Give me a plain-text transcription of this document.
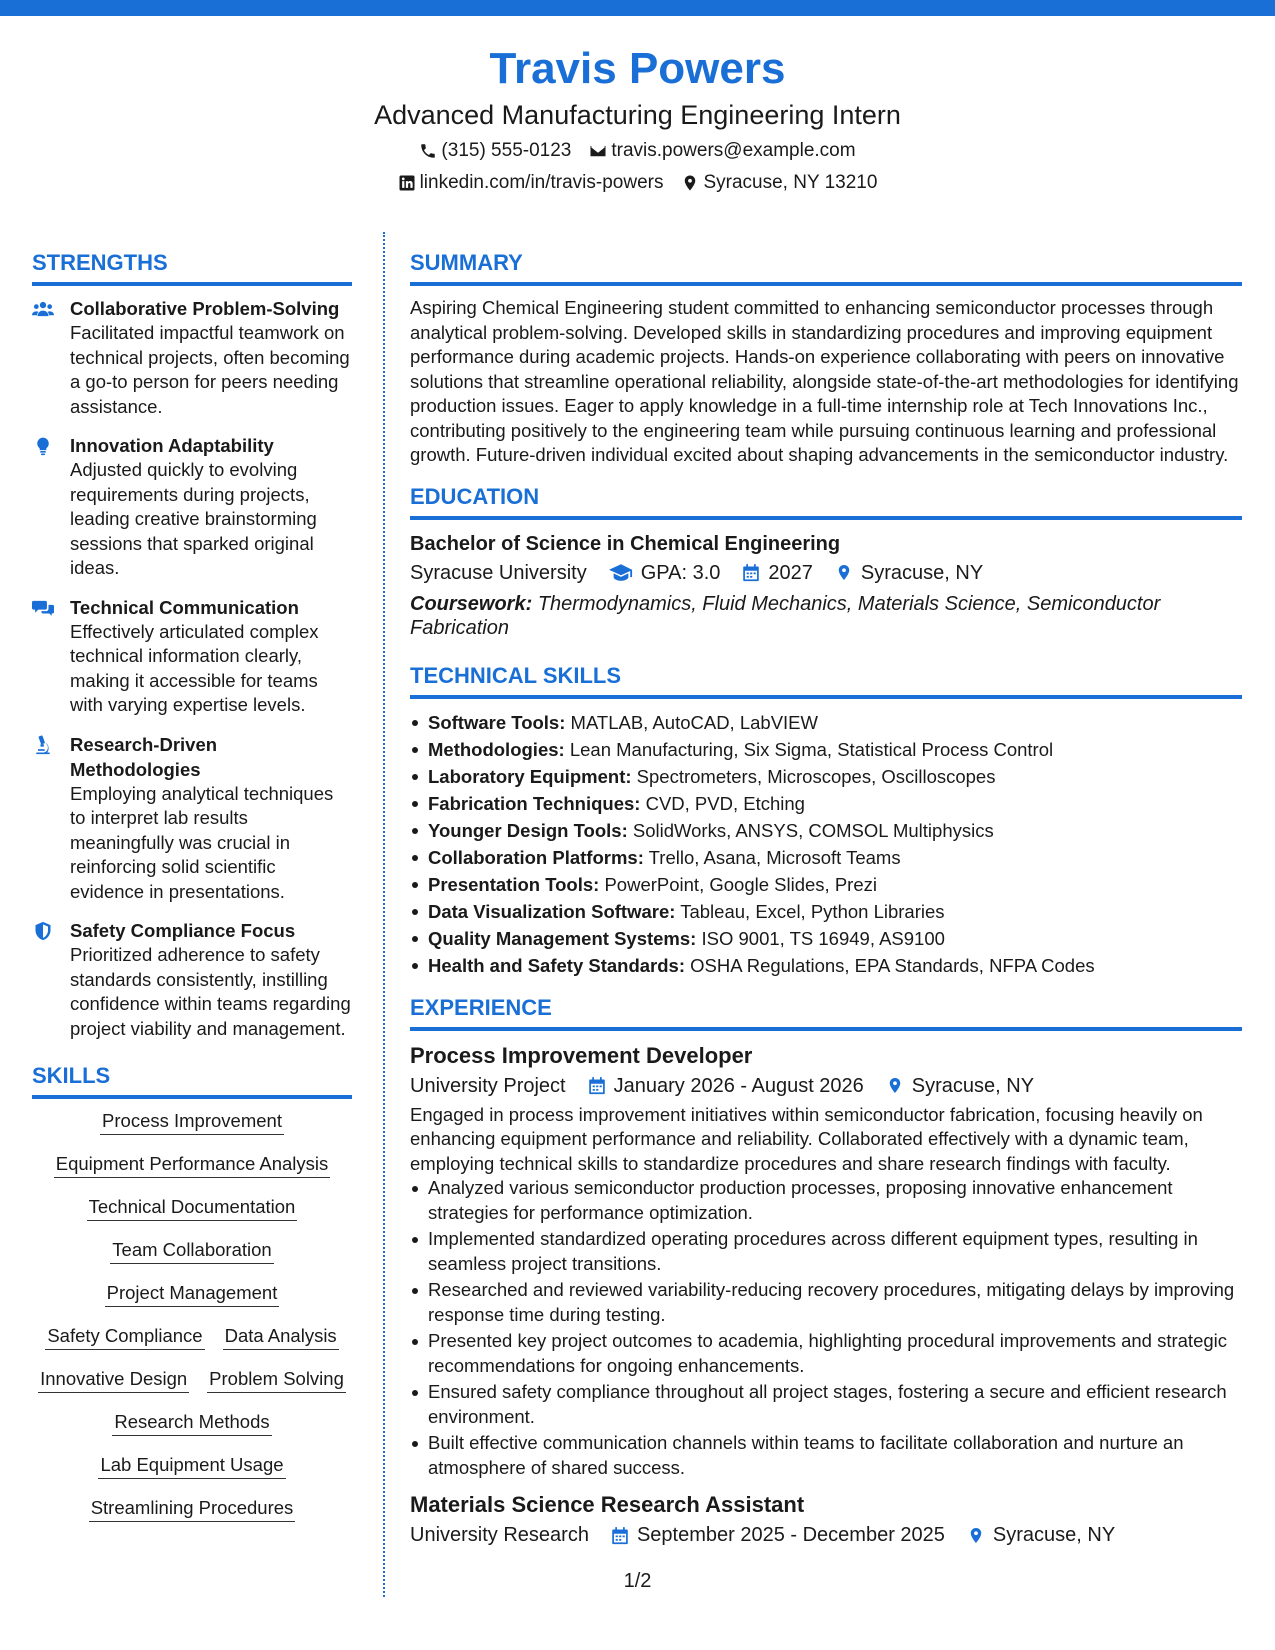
Travis Powers
Advanced Manufacturing Engineering Intern
(315) 555-0123 travis.powers@example.com
linkedin.com/in/travis-powers Syracuse, NY 13210
STRENGTHS
Collaborative Problem-Solving
Facilitated impactful teamwork on technical projects, often becoming a go-to person for peers needing assistance.
Innovation Adaptability
Adjusted quickly to evolving requirements during projects, leading creative brainstorming sessions that sparked original ideas.
Technical Communication
Effectively articulated complex technical information clearly, making it accessible for teams with varying expertise levels.
Research-Driven Methodologies
Employing analytical techniques to interpret lab results meaningfully was crucial in reinforcing solid scientific evidence in presentations.
Safety Compliance Focus
Prioritized adherence to safety standards consistently, instilling confidence within teams regarding project viability and management.
SKILLS
Process Improvement
Equipment Performance Analysis
Technical Documentation
Team Collaboration
Project Management
Safety Compliance Data Analysis
Innovative Design Problem Solving
Research Methods
Lab Equipment Usage
Streamlining Procedures
SUMMARY
Aspiring Chemical Engineering student committed to enhancing semiconductor processes through analytical problem-solving. Developed skills in standardizing procedures and improving equipment performance during academic projects. Hands-on experience collaborating with peers on innovative solutions that streamline operational reliability, alongside state-of-the-art methodologies for identifying production issues. Eager to apply knowledge in a full-time internship role at Tech Innovations Inc., contributing positively to the engineering team while pursuing continuous learning and professional growth. Future-driven individual excited about shaping advancements in the semiconductor industry.
EDUCATION
Bachelor of Science in Chemical Engineering
Syracuse University	GPA: 3.0 2027 Syracuse, NY
Coursework: Thermodynamics, Fluid Mechanics, Materials Science, Semiconductor Fabrication
TECHNICAL SKILLS
Software Tools: MATLAB, AutoCAD, LabVIEW
Methodologies: Lean Manufacturing, Six Sigma, Statistical Process Control
Laboratory Equipment: Spectrometers, Microscopes, Oscilloscopes
Fabrication Techniques: CVD, PVD, Etching
Younger Design Tools: SolidWorks, ANSYS, COMSOL Multiphysics
Collaboration Platforms: Trello, Asana, Microsoft Teams
Presentation Tools: PowerPoint, Google Slides, Prezi
Data Visualization Software: Tableau, Excel, Python Libraries
Quality Management Systems: ISO 9001, TS 16949, AS9100
Health and Safety Standards: OSHA Regulations, EPA Standards, NFPA Codes
EXPERIENCE
Process Improvement Developer
University Project January 2026 - August 2026 Syracuse, NY
Engaged in process improvement initiatives within semiconductor fabrication, focusing heavily on enhancing equipment performance and reliability. Collaborated effectively with a dynamic team, employing technical skills to standardize procedures and share research findings with faculty.
Analyzed various semiconductor production processes, proposing innovative enhancement strategies for performance optimization.
Implemented standardized operating procedures across different equipment types, resulting in seamless project transitions.
Researched and reviewed variability-reducing recovery procedures, mitigating delays by improving response time during testing.
Presented key project outcomes to academia, highlighting procedural improvements and strategic recommendations for ongoing enhancements.
Ensured safety compliance throughout all project stages, fostering a secure and efficient research environment.
Built effective communication channels within teams to facilitate collaboration and nurture an atmosphere of shared success.
Materials Science Research Assistant
University Research September 2025 - December 2025 Syracuse, NY
1/2
